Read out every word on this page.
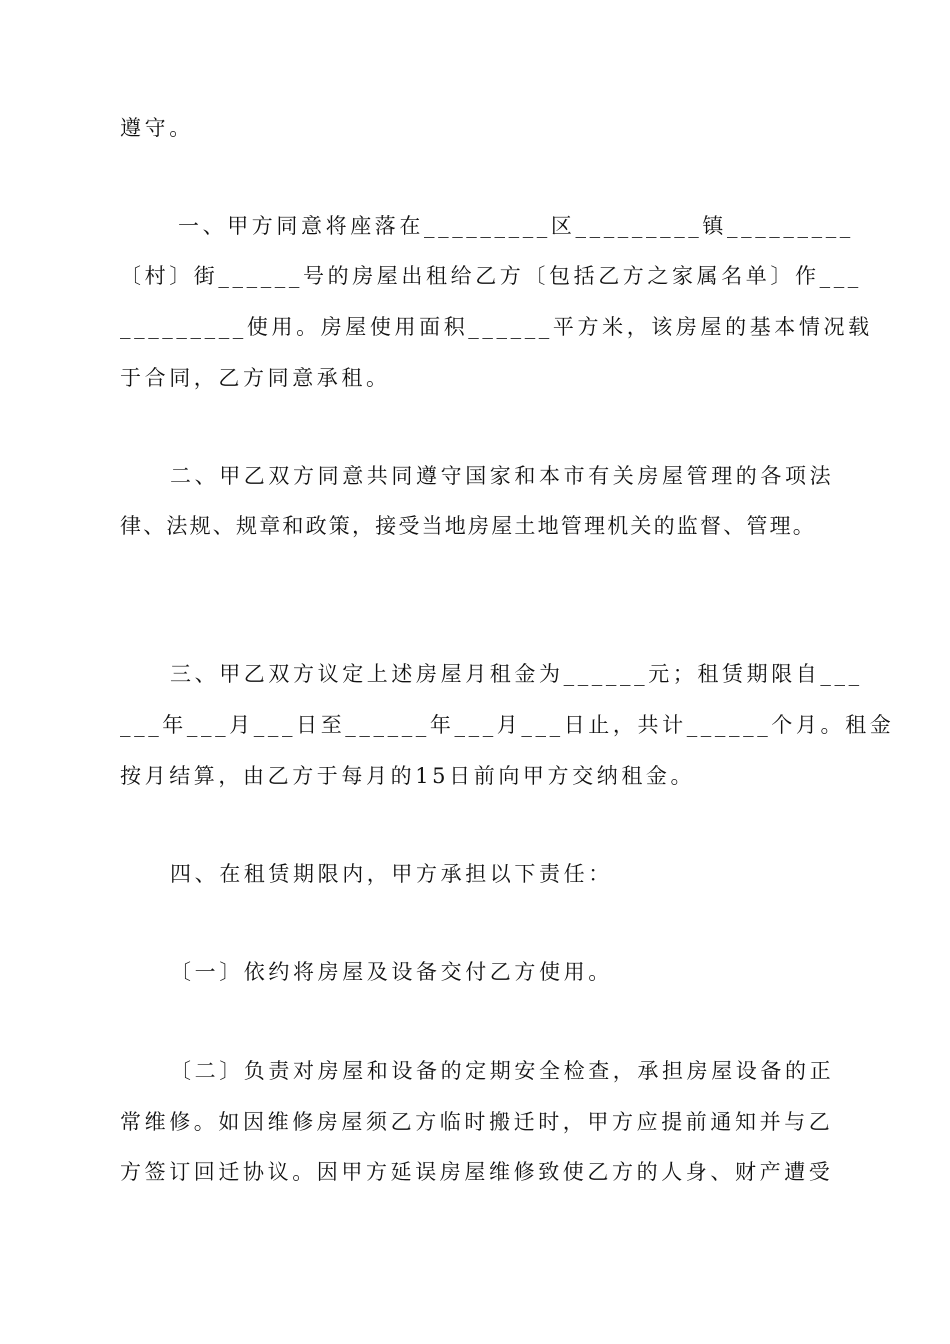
遵守。
一、甲方同意将座落在_________区_________镇_________
〔村〕街______号的房屋出租给乙方〔包括乙方之家属名单〕作___
_________使用。房屋使用面积______平方米，该房屋的基本情况载
于合同，乙方同意承租。
二、甲乙双方同意共同遵守国家和本市有关房屋管理的各项法
律、法规、规章和政策，接受当地房屋土地管理机关的监督、管理。
三、甲乙双方议定上述房屋月租金为______元；租赁期限自___
___年___月___日至______年___月___日止，共计______个月。租金
按月结算，由乙方于每月的15日前向甲方交纳租金。
四、在租赁期限内，甲方承担以下责任：
〔一〕依约将房屋及设备交付乙方使用。
〔二〕负责对房屋和设备的定期安全检查，承担房屋设备的正
常维修。如因维修房屋须乙方临时搬迁时，甲方应提前通知并与乙
方签订回迁协议。因甲方延误房屋维修致使乙方的人身、财产遭受
